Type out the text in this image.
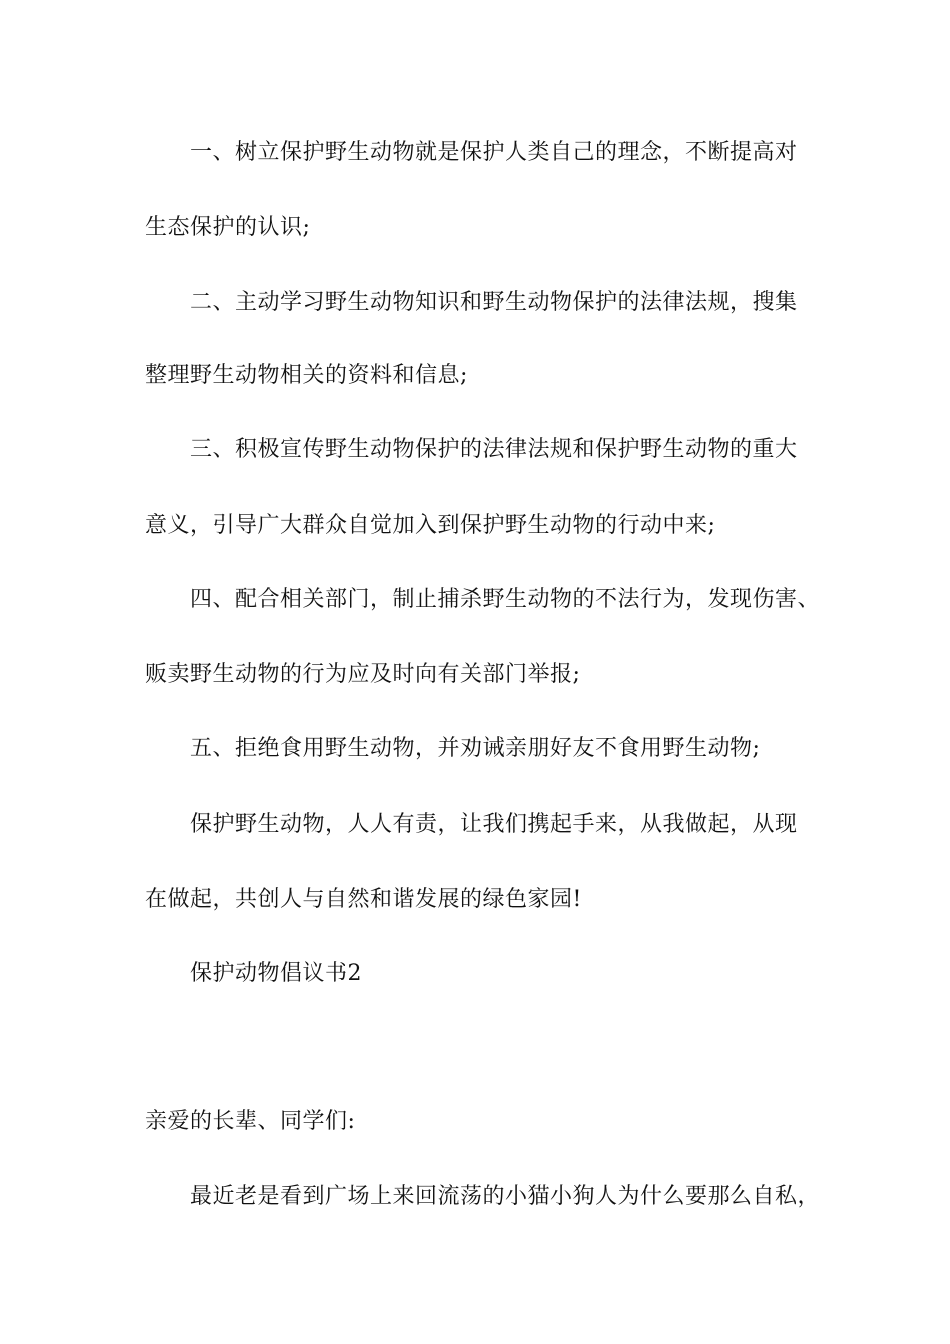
一、树立保护野生动物就是保护人类自己的理念，不断提高对
生态保护的认识;
二、主动学习野生动物知识和野生动物保护的法律法规，搜集
整理野生动物相关的资料和信息;
三、积极宣传野生动物保护的法律法规和保护野生动物的重大
意义，引导广大群众自觉加入到保护野生动物的行动中来;
四、配合相关部门，制止捕杀野生动物的不法行为，发现伤害、
贩卖野生动物的行为应及时向有关部门举报;
五、拒绝食用野生动物，并劝诫亲朋好友不食用野生动物;
保护野生动物，人人有责，让我们携起手来，从我做起，从现
在做起，共创人与自然和谐发展的绿色家园!
保护动物倡议书2
亲爱的长辈、同学们:
最近老是看到广场上来回流荡的小猫小狗人为什么要那么自私，
